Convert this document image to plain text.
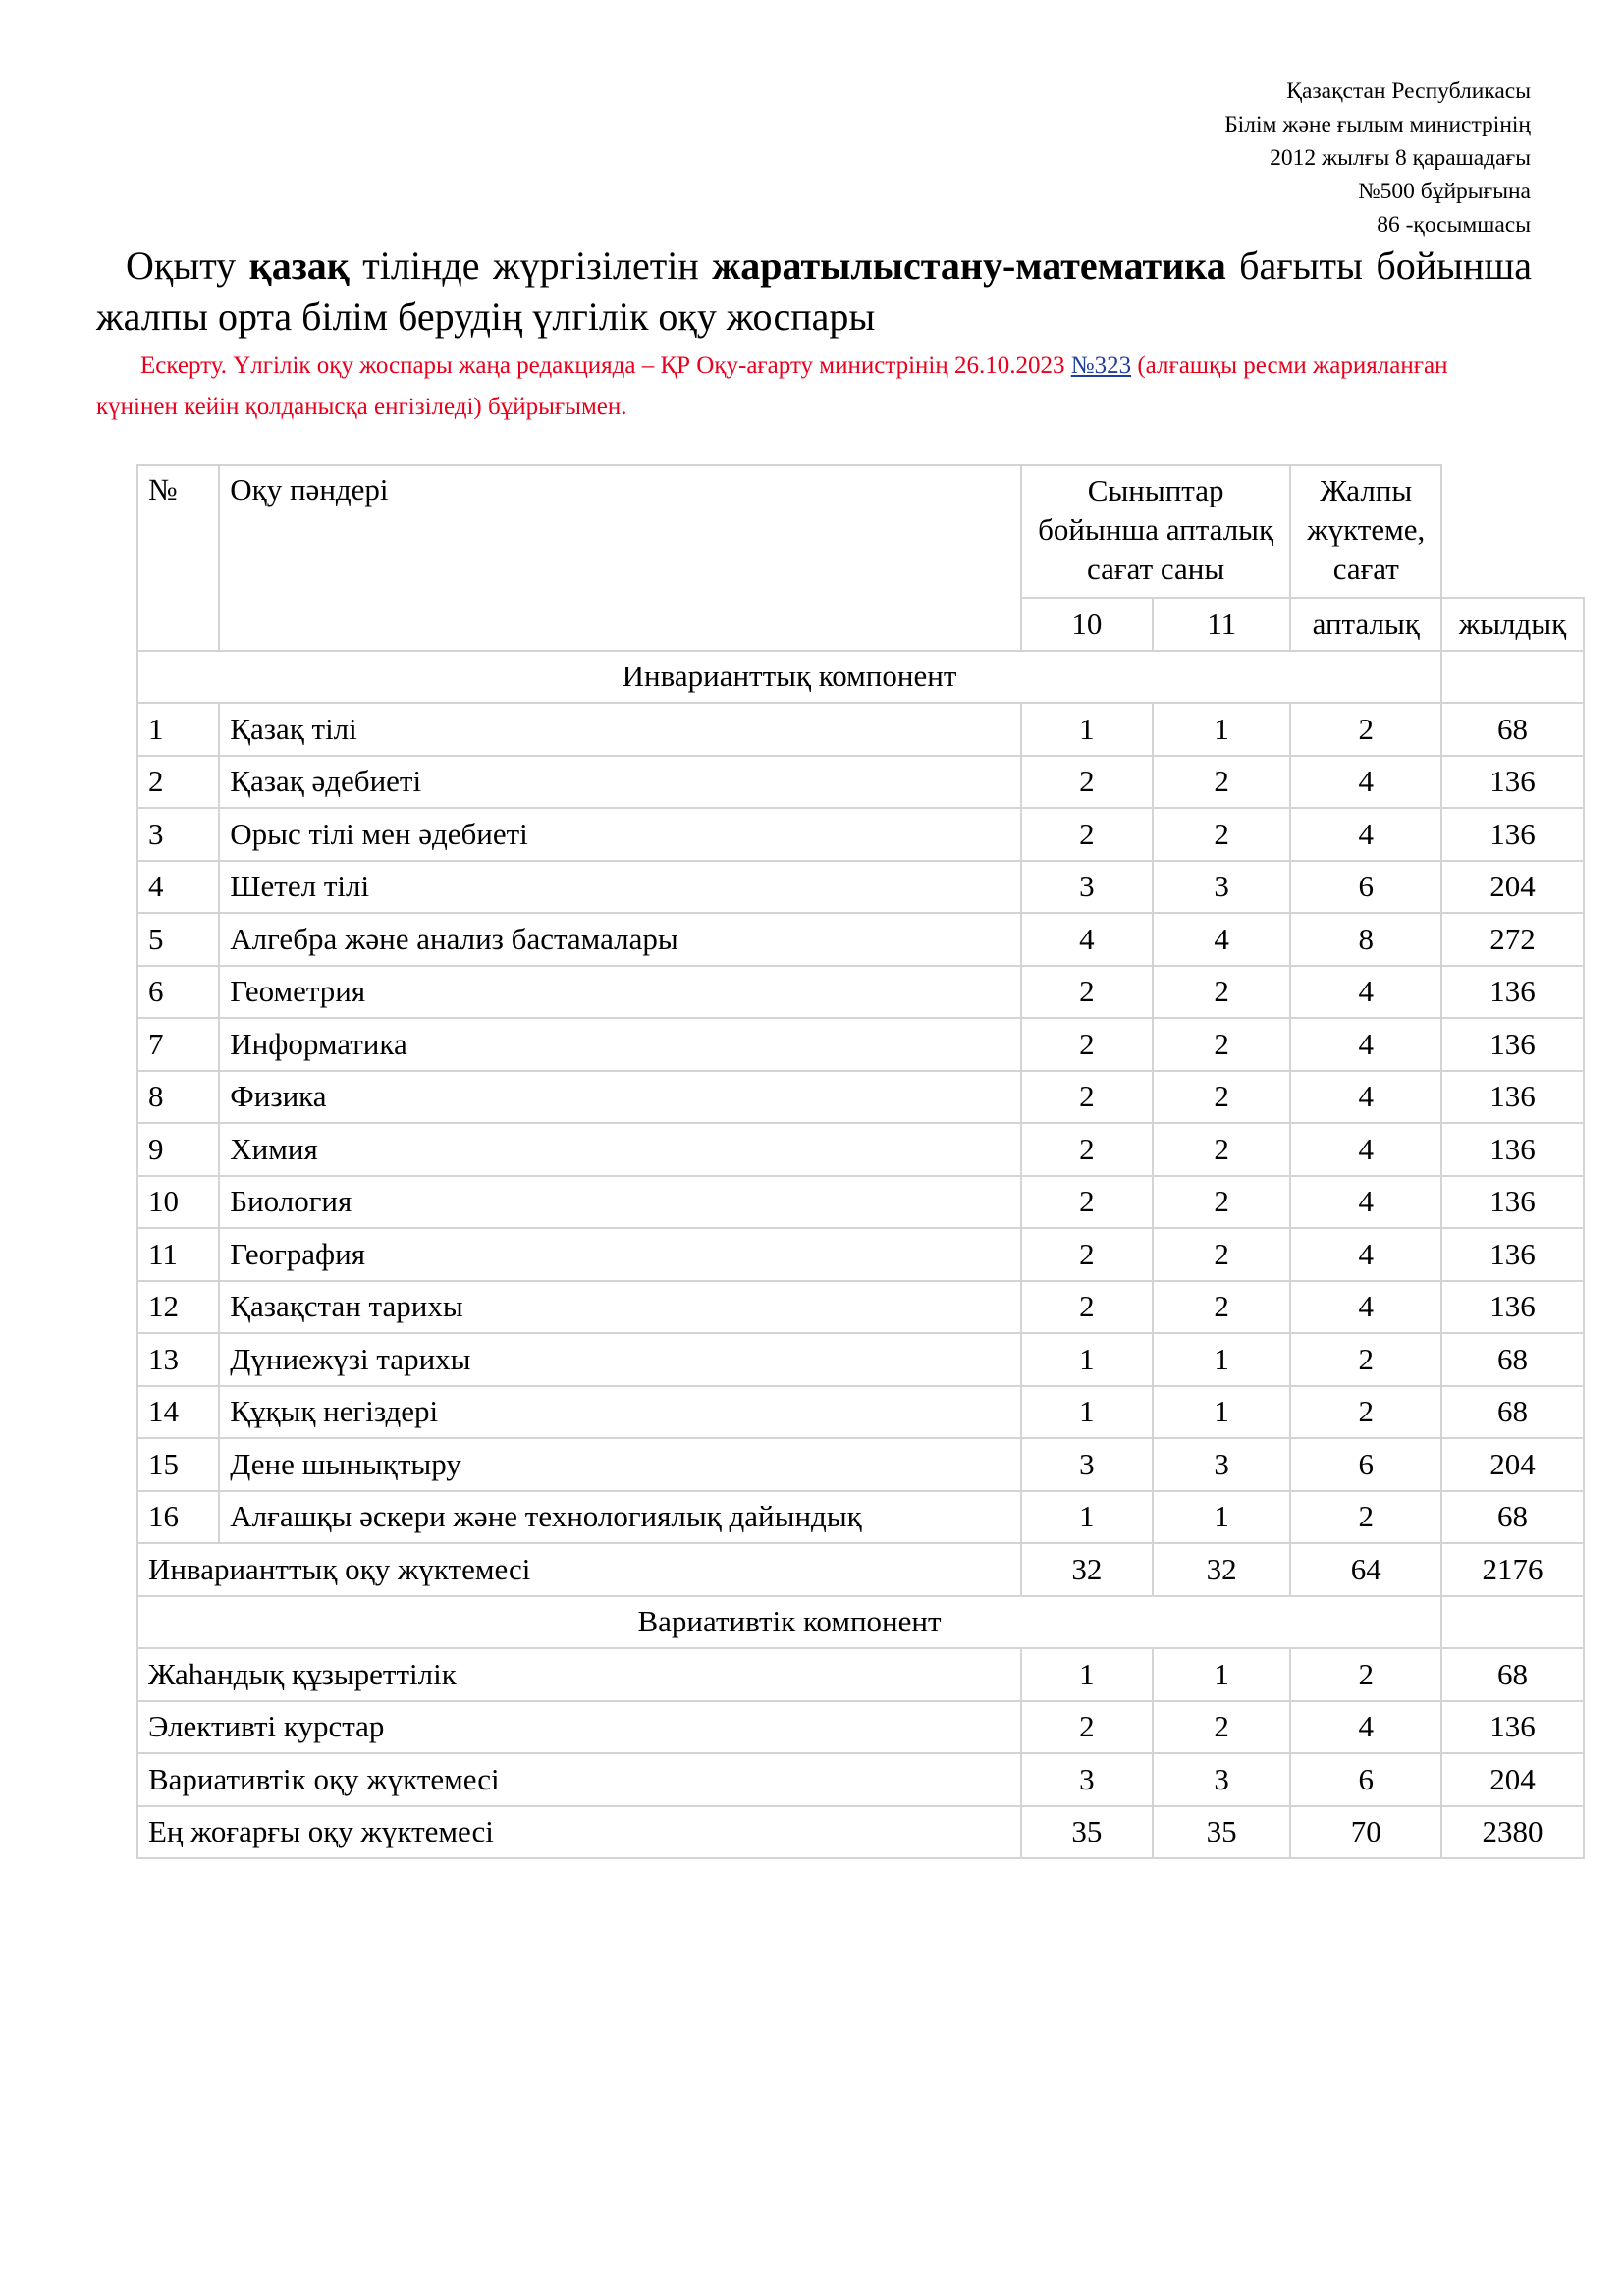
Қазақстан Республикасы
Білім және ғылым министрінің
2012 жылғы 8 қарашадағы
№500 бұйрығына
86 -қосымшасы
Оқыту қазақ тілінде жүргізілетін жаратылыстану-математика бағыты бойынша жалпы орта білім берудің үлгілік оқу жоспары
Ескерту. Үлгілік оқу жоспары жаңа редакцияда – ҚР Оқу-ағарту министрінің 26.10.2023 №323 (алғашқы ресми жарияланған күнінен кейін қолданысқа енгізіледі) бұйрығымен.
№	Оқу пәндері	Сыныптар бойынша апталық сағат саны		Жалпы жүктеме, сағат	
		10	11	апталық	жылдық
Инварианттық компонент					
1	Қазақ тілі	1	1	2	68
2	Қазақ әдебиеті	2	2	4	136
3	Орыс тілі мен әдебиеті	2	2	4	136
4	Шетел тілі	3	3	6	204
5	Алгебра және анализ бастамалары	4	4	8	272
6	Геометрия	2	2	4	136
7	Информатика	2	2	4	136
8	Физика	2	2	4	136
9	Химия	2	2	4	136
10	Биология	2	2	4	136
11	География	2	2	4	136
12	Қазақстан тарихы	2	2	4	136
13	Дүниежүзі тарихы	1	1	2	68
14	Құқық негіздері	1	1	2	68
15	Дене шынықтыру	3	3	6	204
16	Алғашқы әскери және технологиялық дайындық	1	1	2	68
Инварианттық оқу жүктемесі		32	32	64	2176
Вариативтік компонент					
Жаһандық құзыреттілік		1	1	2	68
Элективті курстар		2	2	4	136
Вариативтік оқу жүктемесі		3	3	6	204
Ең жоғарғы оқу жүктемесі		35	35	70	2380
